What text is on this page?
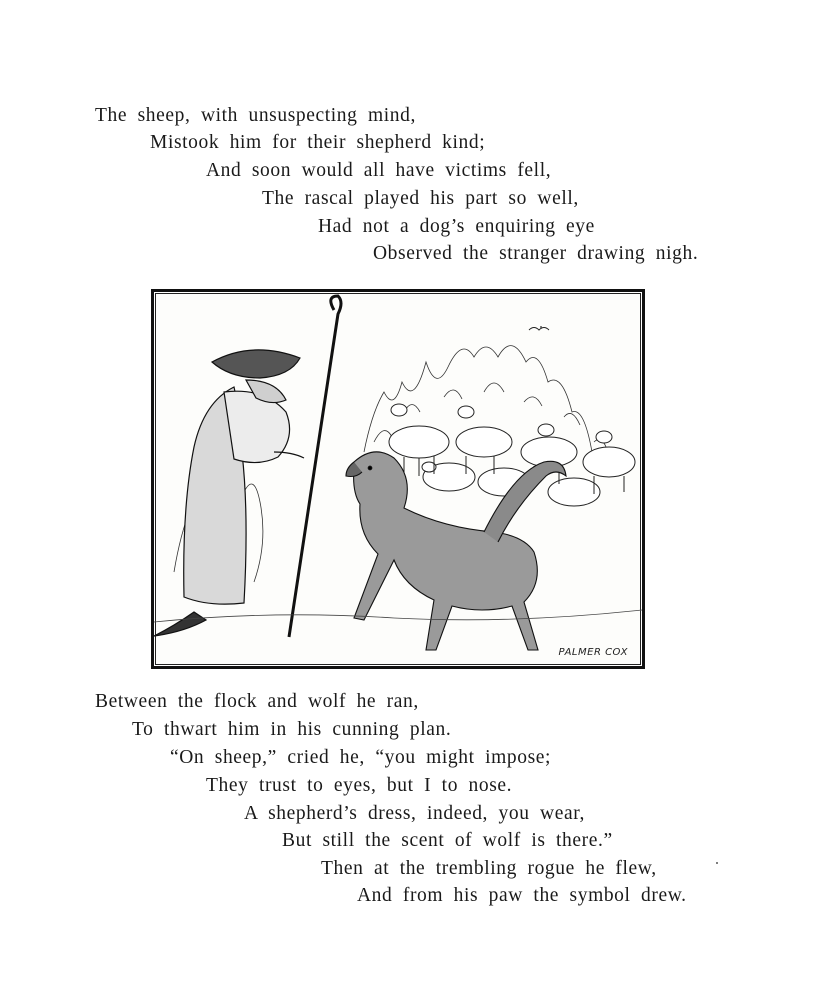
The sheep, with unsuspecting mind,
Mistook him for their shepherd kind;
And soon would all have victims fell,
The rascal played his part so well,
Had not a dog’s enquiring eye
Observed the stranger drawing nigh.
PALMER COX
Between the flock and wolf he ran,
To thwart him in his cunning plan.
“On sheep,” cried he, “you might impose;
They trust to eyes, but I to nose.
A shepherd’s dress, indeed, you wear,
But still the scent of wolf is there.”
Then at the trembling rogue he flew,
And from his paw the symbol drew.
